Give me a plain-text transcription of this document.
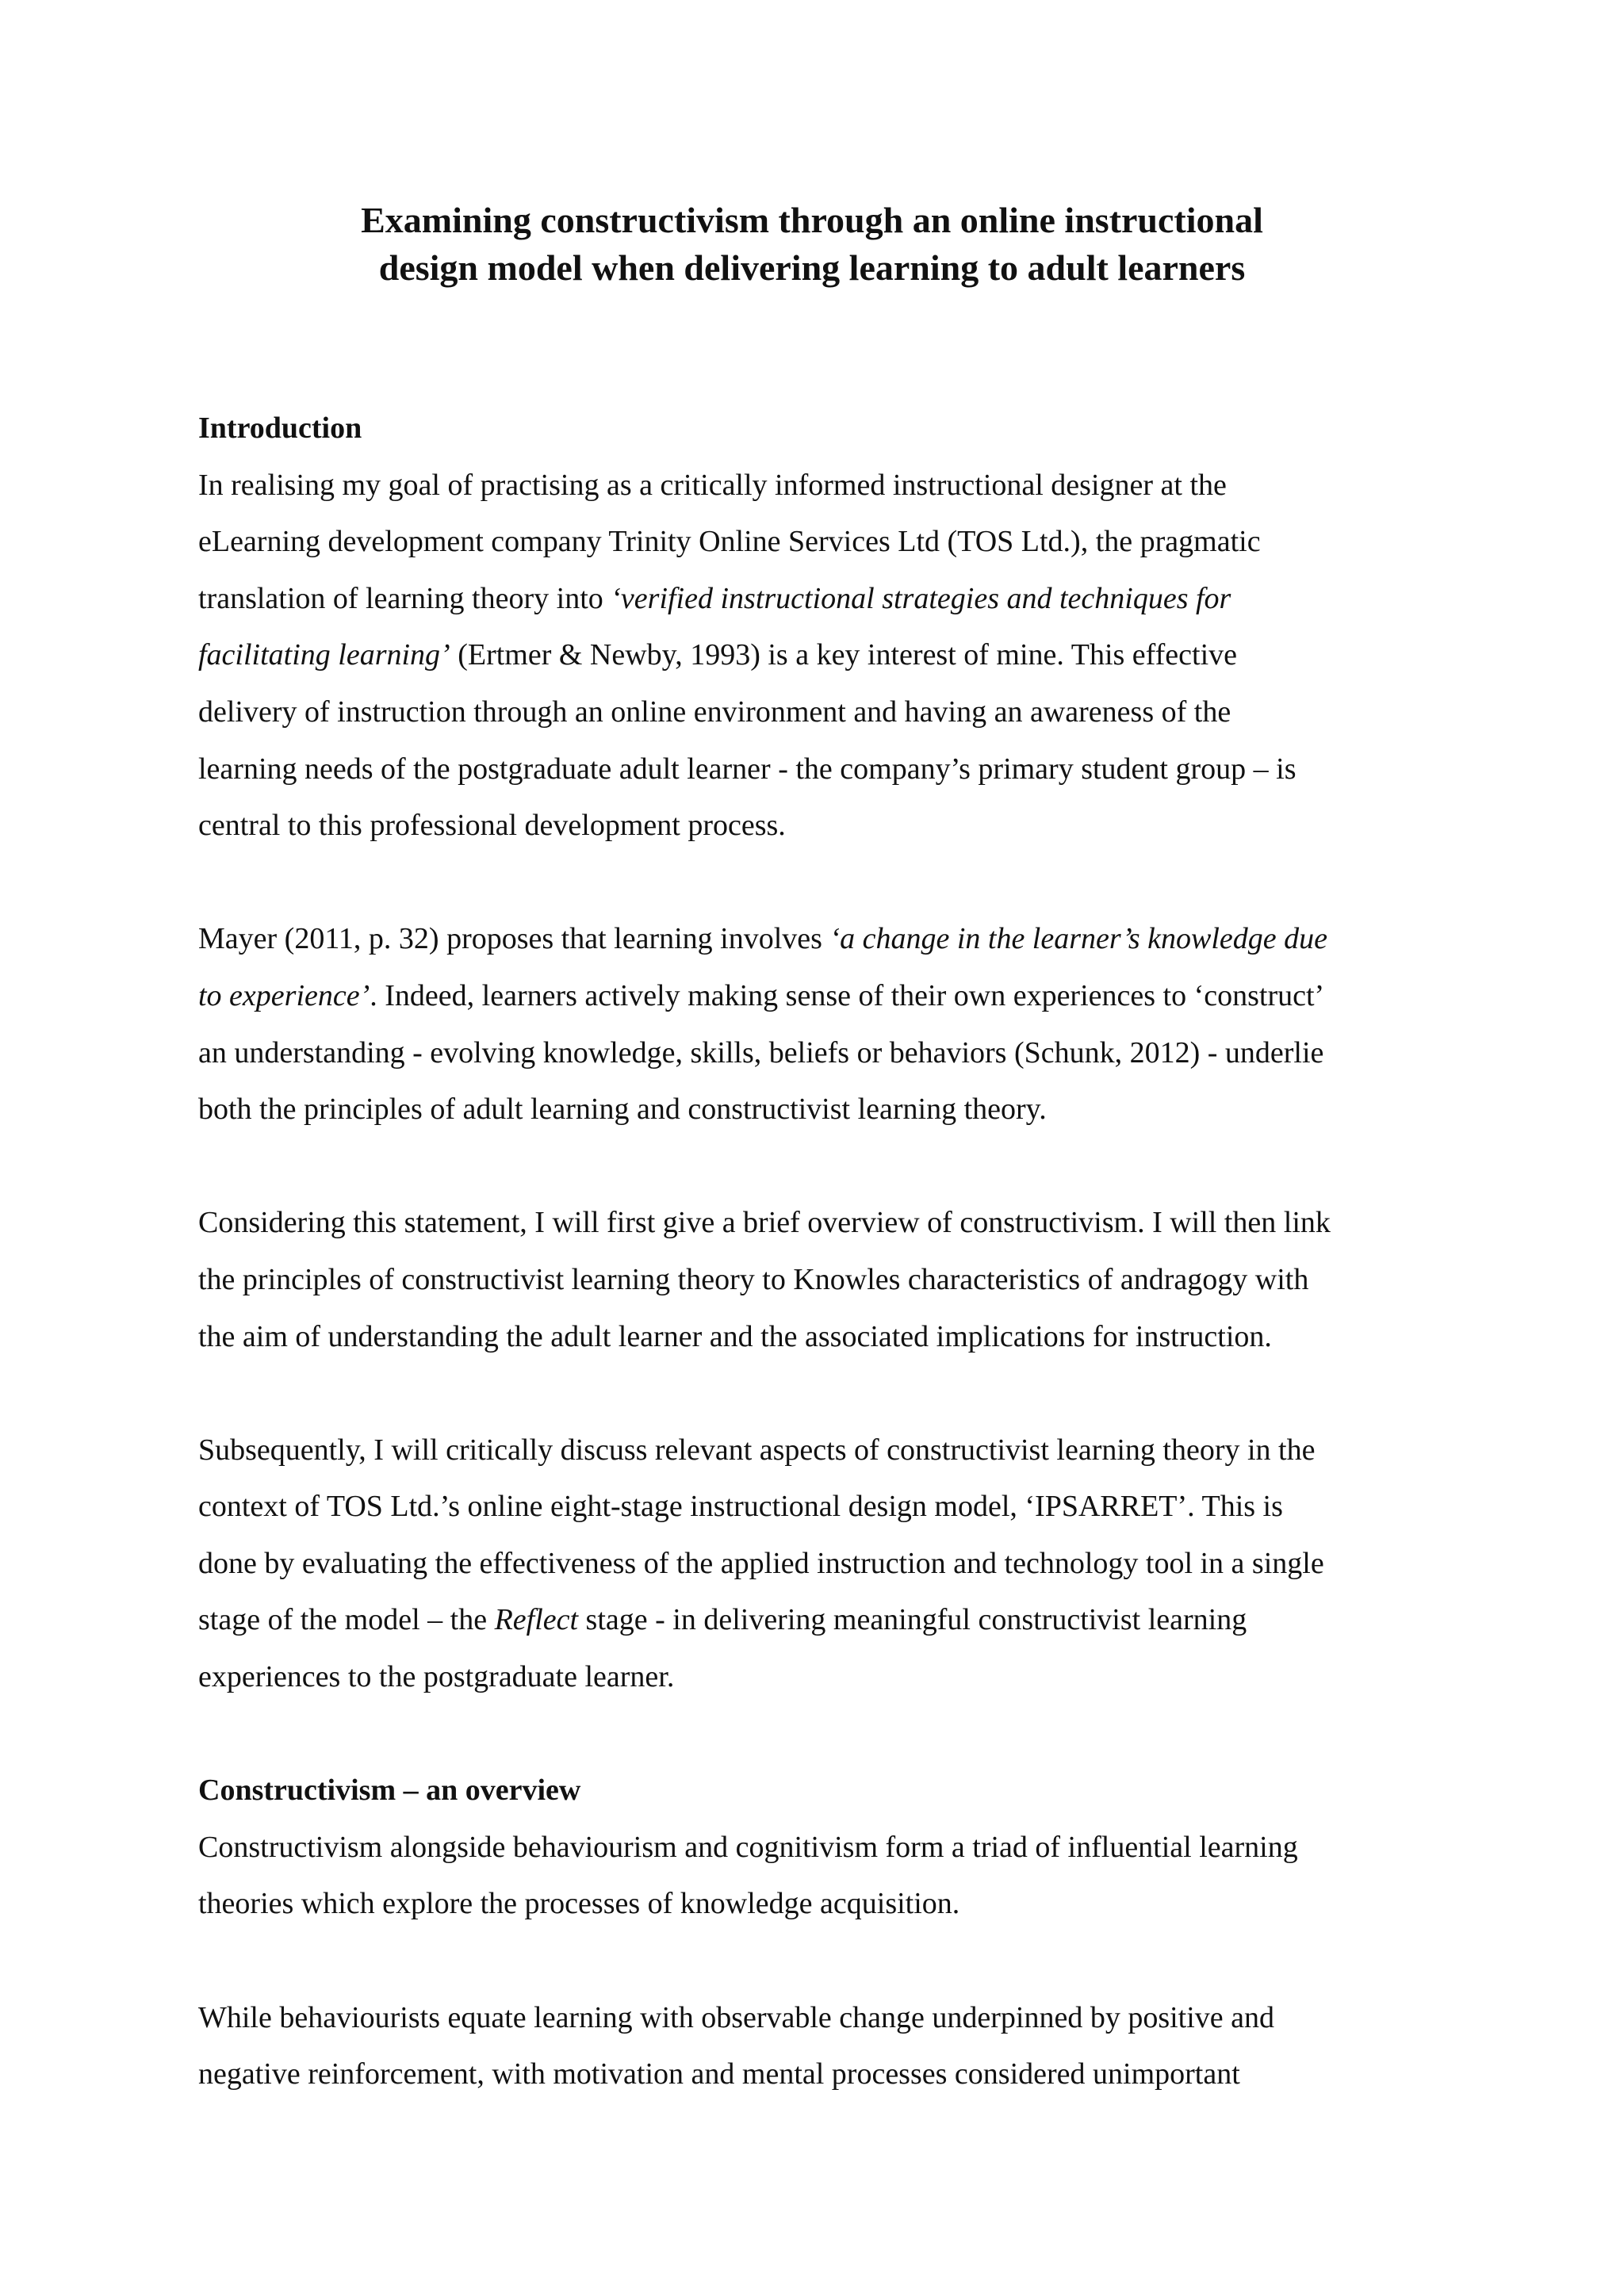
Examining constructivism through an online instructional
design model when delivering learning to adult learners
Introduction
In realising my goal of practising as a critically informed instructional designer at the
eLearning development company Trinity Online Services Ltd (TOS Ltd.), the pragmatic
translation of learning theory into ‘verified instructional strategies and techniques for
facilitating learning’ (Ertmer & Newby, 1993) is a key interest of mine. This effective
delivery of instruction through an online environment and having an awareness of the
learning needs of the postgraduate adult learner - the company’s primary student group – is
central to this professional development process.
Mayer (2011, p. 32) proposes that learning involves ‘a change in the learner’s knowledge due
to experience’. Indeed, learners actively making sense of their own experiences to ‘construct’
an understanding - evolving knowledge, skills, beliefs or behaviors (Schunk, 2012) - underlie
both the principles of adult learning and constructivist learning theory.
Considering this statement, I will first give a brief overview of constructivism. I will then link
the principles of constructivist learning theory to Knowles characteristics of andragogy with
the aim of understanding the adult learner and the associated implications for instruction.
Subsequently, I will critically discuss relevant aspects of constructivist learning theory in the
context of TOS Ltd.’s online eight-stage instructional design model, ‘IPSARRET’. This is
done by evaluating the effectiveness of the applied instruction and technology tool in a single
stage of the model – the Reflect stage - in delivering meaningful constructivist learning
experiences to the postgraduate learner.
Constructivism – an overview
Constructivism alongside behaviourism and cognitivism form a triad of influential learning
theories which explore the processes of knowledge acquisition.
While behaviourists equate learning with observable change underpinned by positive and
negative reinforcement, with motivation and mental processes considered unimportant
